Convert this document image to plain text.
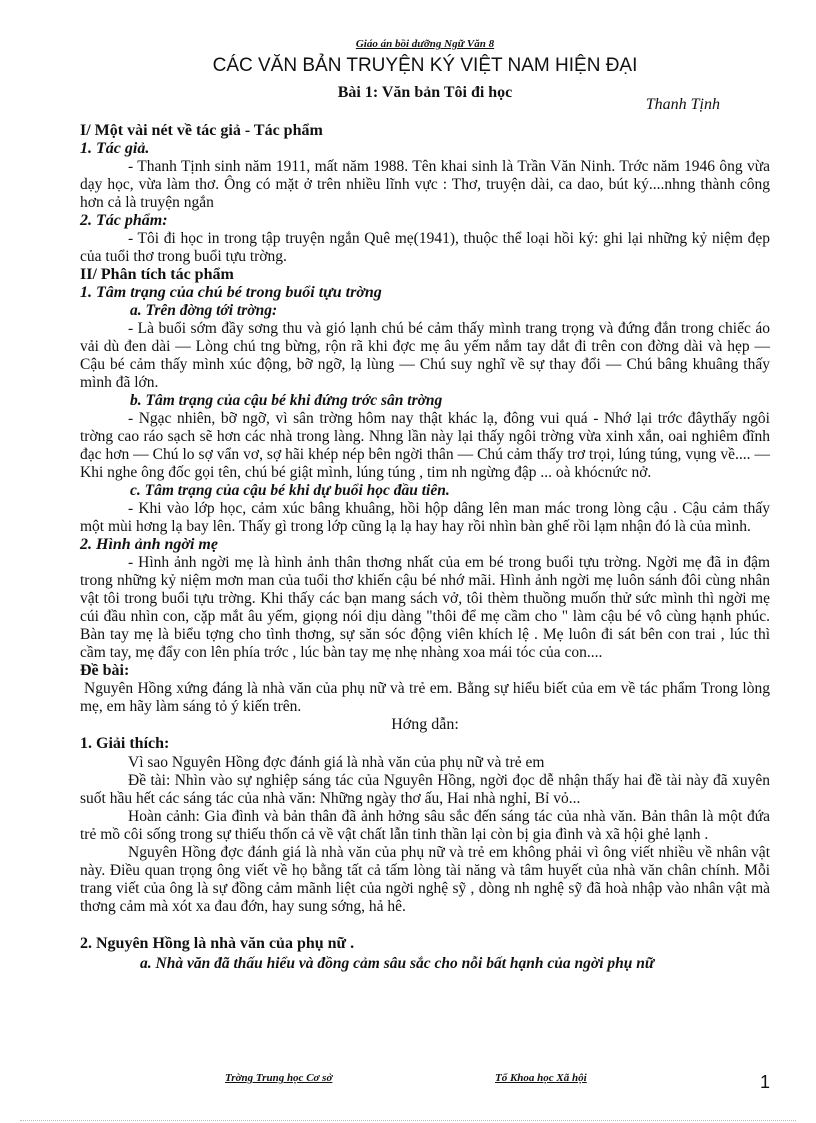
Giáo án bồi dưỡng Ngữ Văn 8
CÁC VĂN BẢN TRUYỆN KÝ VIỆT NAM HIỆN ĐẠI
Bài 1: Văn bản Tôi đi học
Thanh Tịnh
I/ Một vài nét về tác giả - Tác phẩm
1. Tác giả.

- Thanh Tịnh sinh năm 1911, mất năm 1988. Tên khai sinh là Trần Văn Ninh. Trớc năm 1946 ông vừa dạy học, vừa làm thơ. Ông có mặt ở trên nhiều lĩnh vực : Thơ, truyện dài, ca dao, bút ký....nhng thành công hơn cả là truyện ngắn

2. Tác phẩm:

- Tôi đi học in trong tập truyện ngắn Quê mẹ(1941), thuộc thể loại hồi ký: ghi lại những kỷ niệm đẹp của tuổi thơ trong buổi tựu trờng.

II/ Phân tích tác phẩm
1. Tâm trạng của chú bé trong buổi tựu trờng
a. Trên đờng tới trờng:

- Là buổi sớm đầy sơng thu và gió lạnh chú bé cảm thấy mình trang trọng và đứng đắn trong chiếc áo vải dù đen dài — Lòng chú tng bừng, rộn rã khi đợc mẹ âu yếm nắm tay dắt đi trên con đờng dài và hẹp — Cậu bé cảm thấy mình xúc động, bỡ ngỡ, lạ lùng — Chú suy nghĩ về sự thay đổi — Chú bâng khuâng thấy mình đã lớn.

b. Tâm trạng của cậu bé khi đứng trớc sân trờng

- Ngạc nhiên, bỡ ngỡ, vì sân trờng hôm nay thật khác lạ, đông vui quá - Nhớ lại trớc đâythấy ngôi trờng cao ráo sạch sẽ hơn các nhà trong làng. Nhng lần này lại thấy ngôi trờng vừa xinh xắn, oai nghiêm đĩnh đạc hơn — Chú lo sợ vẩn vơ, sợ hãi khép nép bên ngời thân — Chú cảm thấy trơ trọi, lúng túng, vụng về.... — Khi nghe ông đốc gọi tên, chú bé giật mình, lúng túng , tim nh ngừng đập ... oà khócnức nở.

c. Tâm trạng của cậu bé khi dự buổi học đầu tiên.

- Khi vào lớp học, cảm xúc bâng khuâng, hồi hộp dâng lên man mác trong lòng cậu . Cậu cảm thấy một mùi hơng lạ bay lên. Thấy gì trong lớp cũng lạ lạ hay hay rồi nhìn bàn ghế rồi lạm nhận đó là của mình.

2. Hình ảnh ngời mẹ

- Hình ảnh ngời mẹ là hình ảnh thân thơng nhất của em bé trong buổi tựu trờng. Ngời mẹ đã in đậm trong những kỷ niệm mơn man của tuổi thơ khiến cậu bé nhớ mãi. Hình ảnh ngời mẹ luôn sánh đôi cùng nhân vật tôi trong buổi tựu trờng. Khi thấy các bạn mang sách vở, tôi thèm thuồng muốn thử sức mình thì ngời mẹ cúi đầu nhìn con, cặp mắt âu yếm, giọng nói dịu dàng "thôi để mẹ cầm cho " làm cậu bé vô cùng hạnh phúc. Bàn tay mẹ là biểu tợng cho tình thơng, sự săn sóc động viên khích lệ . Mẹ luôn đi sát bên con trai , lúc thì cầm tay, mẹ đẩy con lên phía trớc , lúc bàn tay mẹ nhẹ nhàng xoa mái tóc của con....

Đề bài:

Nguyên Hồng xứng đáng là nhà văn của phụ nữ và trẻ em. Bằng sự hiểu biết của em về tác phẩm Trong lòng mẹ, em hãy làm sáng tỏ ý kiến trên.

Hớng dẫn:
1. Giải thích:

Vì sao Nguyên Hồng đợc đánh giá là nhà văn của phụ nữ và trẻ em

Đề tài: Nhìn vào sự nghiệp sáng tác của Nguyên Hồng, ngời đọc dễ nhận thấy hai đề tài này đã xuyên suốt hầu hết các sáng tác của nhà văn: Những ngày thơ ấu, Hai nhà nghỉ, Bỉ vỏ...

Hoàn cảnh: Gia đình và bản thân đã ảnh hởng sâu sắc đến sáng tác của nhà văn. Bản thân là một đứa trẻ mồ côi sống trong sự thiếu thốn cả về vật chất lẫn tinh thần lại còn bị gia đình và xã hội ghẻ lạnh .

Nguyên Hồng đợc đánh giá là nhà văn của phụ nữ và trẻ em không phải vì ông viết nhiều về nhân vật này. Điều quan trọng ông viết về họ bằng tất cả tấm lòng tài năng và tâm huyết của nhà văn chân chính. Mỗi trang viết của ông là sự đồng cảm mãnh liệt của ngời nghệ sỹ , dòng nh nghệ sỹ đã hoà nhập vào nhân vật mà thơng cảm mà xót xa đau đớn, hay sung sớng, hả hê.

2. Nguyên Hồng là nhà văn của phụ nữ .
a. Nhà văn đã thấu hiểu và đồng cảm sâu sắc cho nỗi bất hạnh của ngời phụ nữ
Trờng Trung học Cơ sở	Tổ Khoa học Xã hội	1
